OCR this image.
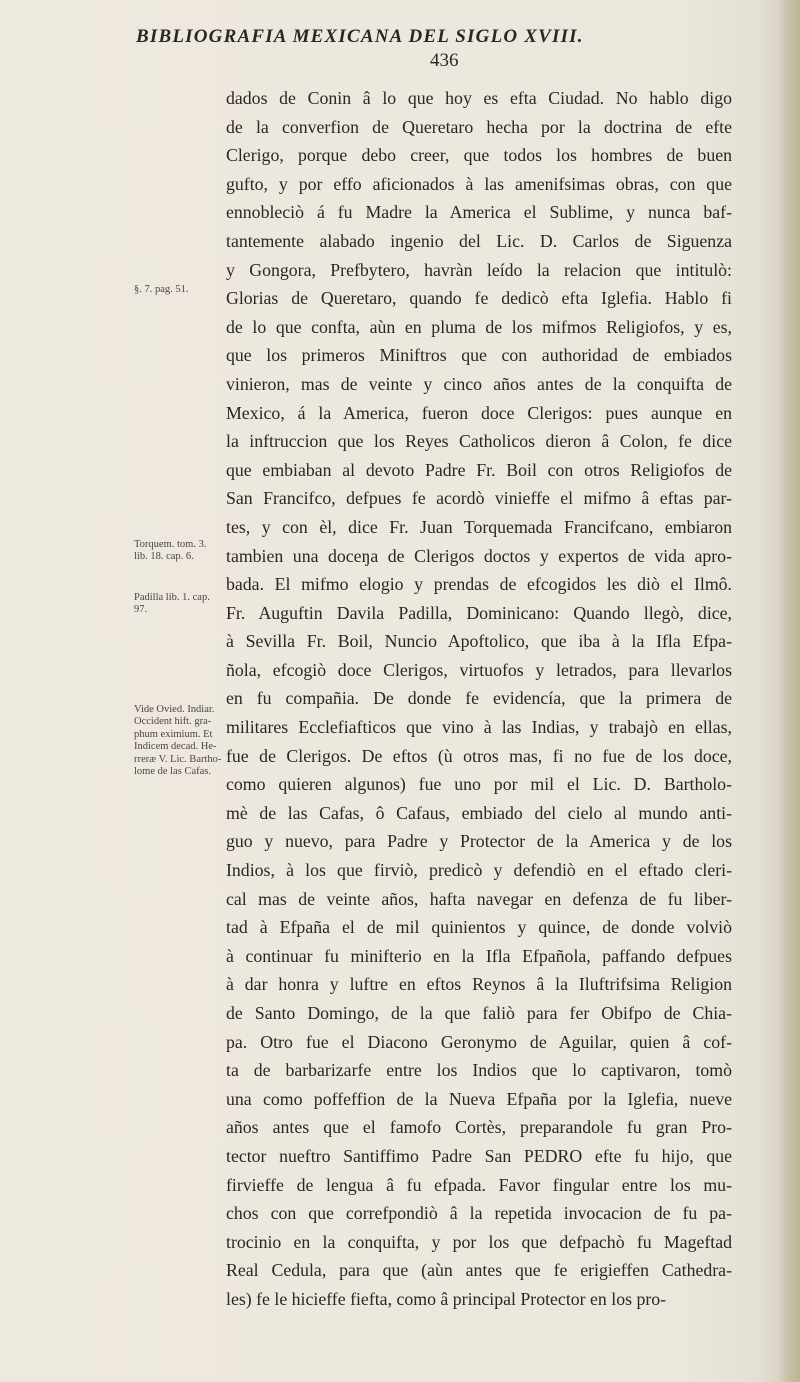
BIBLIOGRAFIA MEXICANA DEL SIGLO XVIII.
436
dados de Conin â lo que hoy es efta Ciudad. No hablo digo
de la converfion de Queretaro hecha por la doctrina de efte
Clerigo, porque debo creer, que todos los hombres de buen
gufto, y por effo aficionados à las amenifsimas obras, con que
ennobleciò á fu Madre la America el Sublime, y nunca baf-
tantemente alabado ingenio del Lic. D. Carlos de Siguenza
y Gongora, Prefbytero, havràn leído la relacion que intitulò:
Glorias de Queretaro, quando fe dedicò efta Iglefia. Hablo fi
de lo que confta, aùn en pluma de los mifmos Religiofos, y es,
que los primeros Miniftros que con authoridad de embiados
vinieron, mas de veinte y cinco años antes de la conquifta de
Mexico, á la America, fueron doce Clerigos: pues aunque en
la inftruccion que los Reyes Catholicos dieron â Colon, fe dice
que embiaban al devoto Padre Fr. Boil con otros Religiofos de
San Francifco, defpues fe acordò vinieffe el mifmo â eftas par-
tes, y con èl, dice Fr. Juan Torquemada Francifcano, embiaron
tambien una doceŋa de Clerigos doctos y expertos de vida apro-
bada. El mifmo elogio y prendas de efcogidos les diò el Ilmô.
Fr. Auguftin Davila Padilla, Dominicano: Quando llegò, dice,
à Sevilla Fr. Boil, Nuncio Apoftolico, que iba à la Ifla Efpa-
ñola, efcogiò doce Clerigos, virtuofos y letrados, para llevarlos
en fu compañia. De donde fe evidencía, que la primera de
militares Ecclefiafticos que vino à las Indias, y trabajò en ellas,
fue de Clerigos. De eftos (ù otros mas, fi no fue de los doce,
como quieren algunos) fue uno por mil el Lic. D. Bartholo-
mè de las Cafas, ô Cafaus, embiado del cielo al mundo anti-
guo y nuevo, para Padre y Protector de la America y de los
Indios, à los que firviò, predicò y defendiò en el eftado cleri-
cal mas de veinte años, hafta navegar en defenza de fu liber-
tad à Efpaña el de mil quinientos y quince, de donde volviò
à continuar fu minifterio en la Ifla Efpañola, paffando defpues
à dar honra y luftre en eftos Reynos â la Iluftrifsima Religion
de Santo Domingo, de la que faliò para fer Obifpo de Chia-
pa. Otro fue el Diacono Geronymo de Aguilar, quien â cof-
ta de barbarizarfe entre los Indios que lo captivaron, tomò
una como poffeffion de la Nueva Efpaña por la Iglefia, nueve
años antes que el famofo Cortès, preparandole fu gran Pro-
tector nueftro Santiffimo Padre San PEDRO efte fu hijo, que
firvieffe de lengua â fu efpada. Favor fingular entre los mu-
chos con que correfpondiò â la repetida invocacion de fu pa-
trocinio en la conquifta, y por los que defpachò fu Mageftad
Real Cedula, para que (aùn antes que fe erigieffen Cathedra-
les) fe le hicieffe fiefta, como â principal Protector en los pro-
§. 7. pag. 51.
Torquem. tom. 3.
lib. 18. cap. 6.
Padilla lib. 1. cap.
97.
Vide Ovied. Indiar.
Occident hift. gra-
phum eximium. Et
Indicem decad. He-
rreræ V. Lic. Bartho-
lome de las Cafas.
